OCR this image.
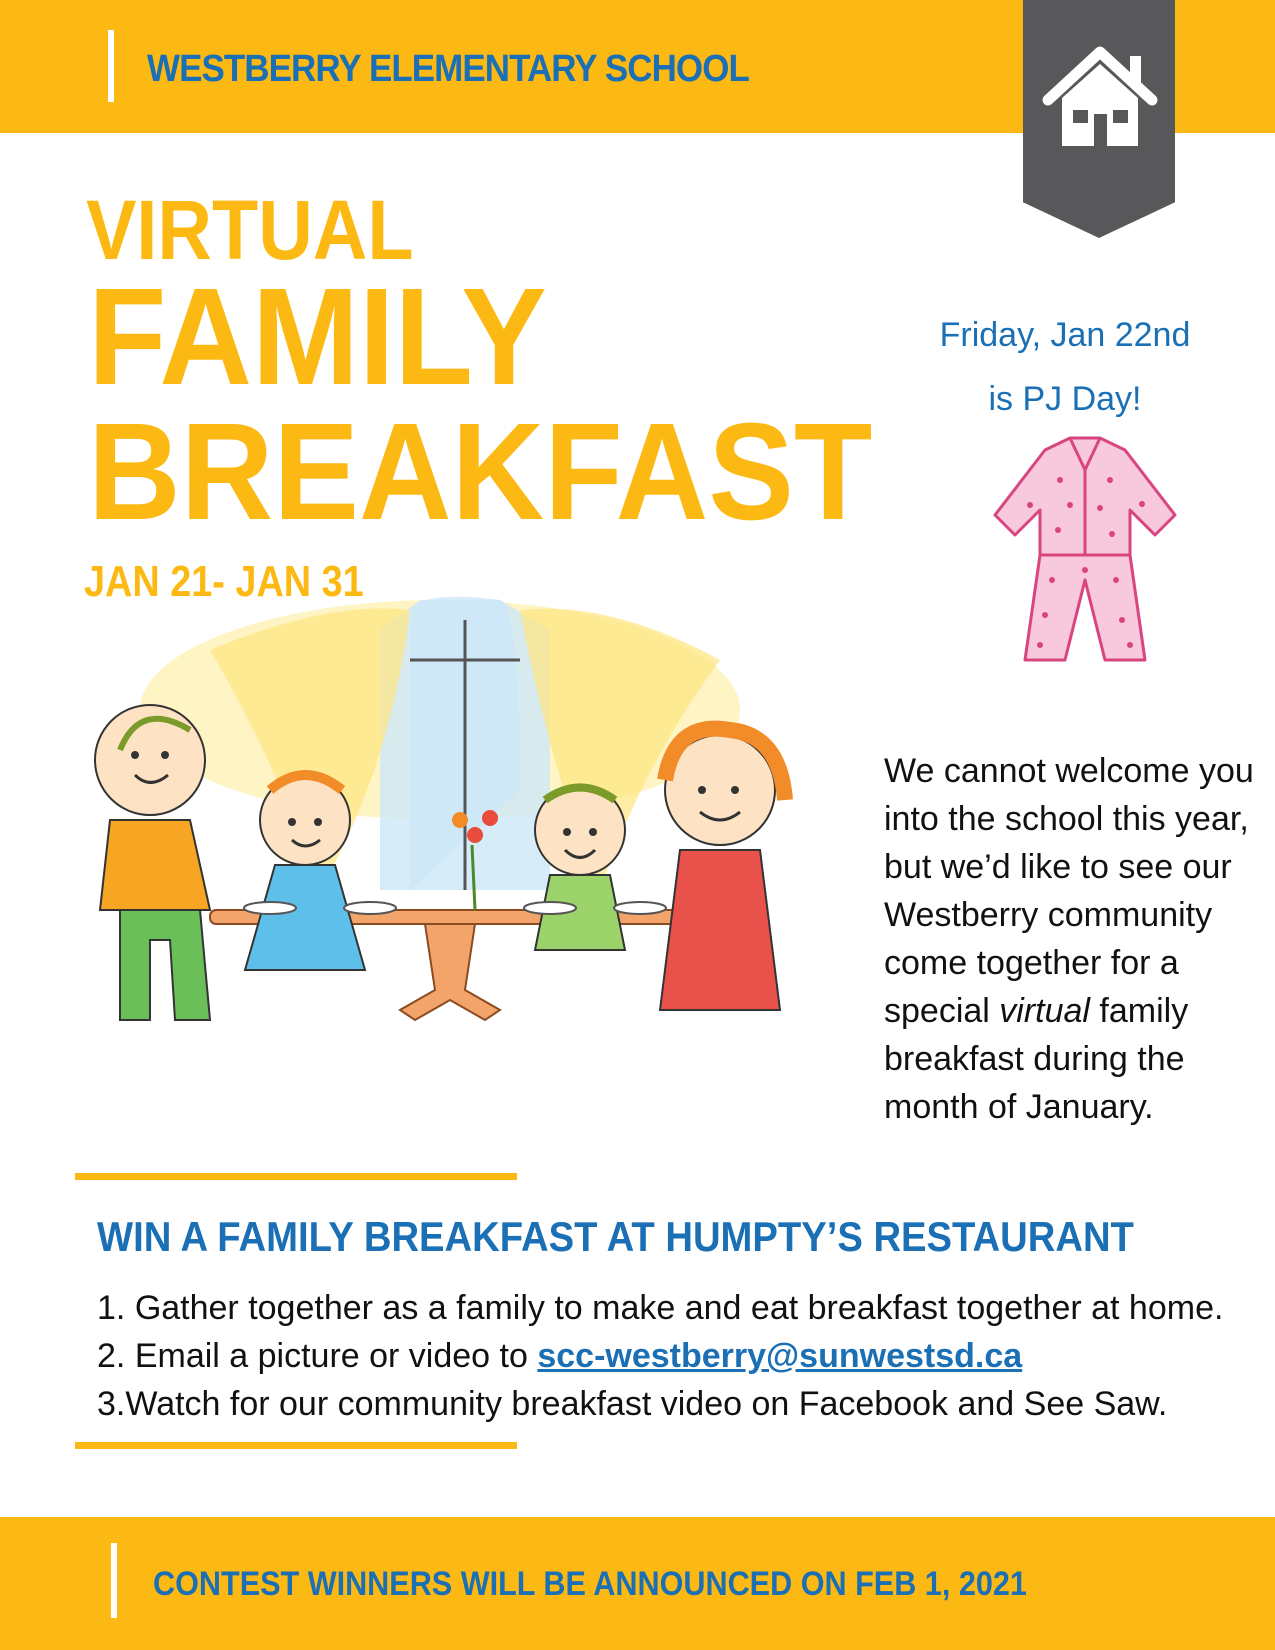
WESTBERRY ELEMENTARY SCHOOL
VIRTUAL
FAMILY
BREAKFAST

JAN 21- JAN 31

Friday, Jan 22nd

is PJ Day!

We cannot welcome you into the school this year, but we’d like to see our Westberry community come together for a special virtual family breakfast during the month of January.

WIN A FAMILY BREAKFAST AT HUMPTY’S RESTAURANT
1. Gather together as a family to make and eat breakfast together at home.
2. Email a picture or video to scc-westberry@sunwestsd.ca
3.Watch for our community breakfast video on Facebook and See Saw.

CONTEST WINNERS WILL BE ANNOUNCED ON FEB 1, 2021
